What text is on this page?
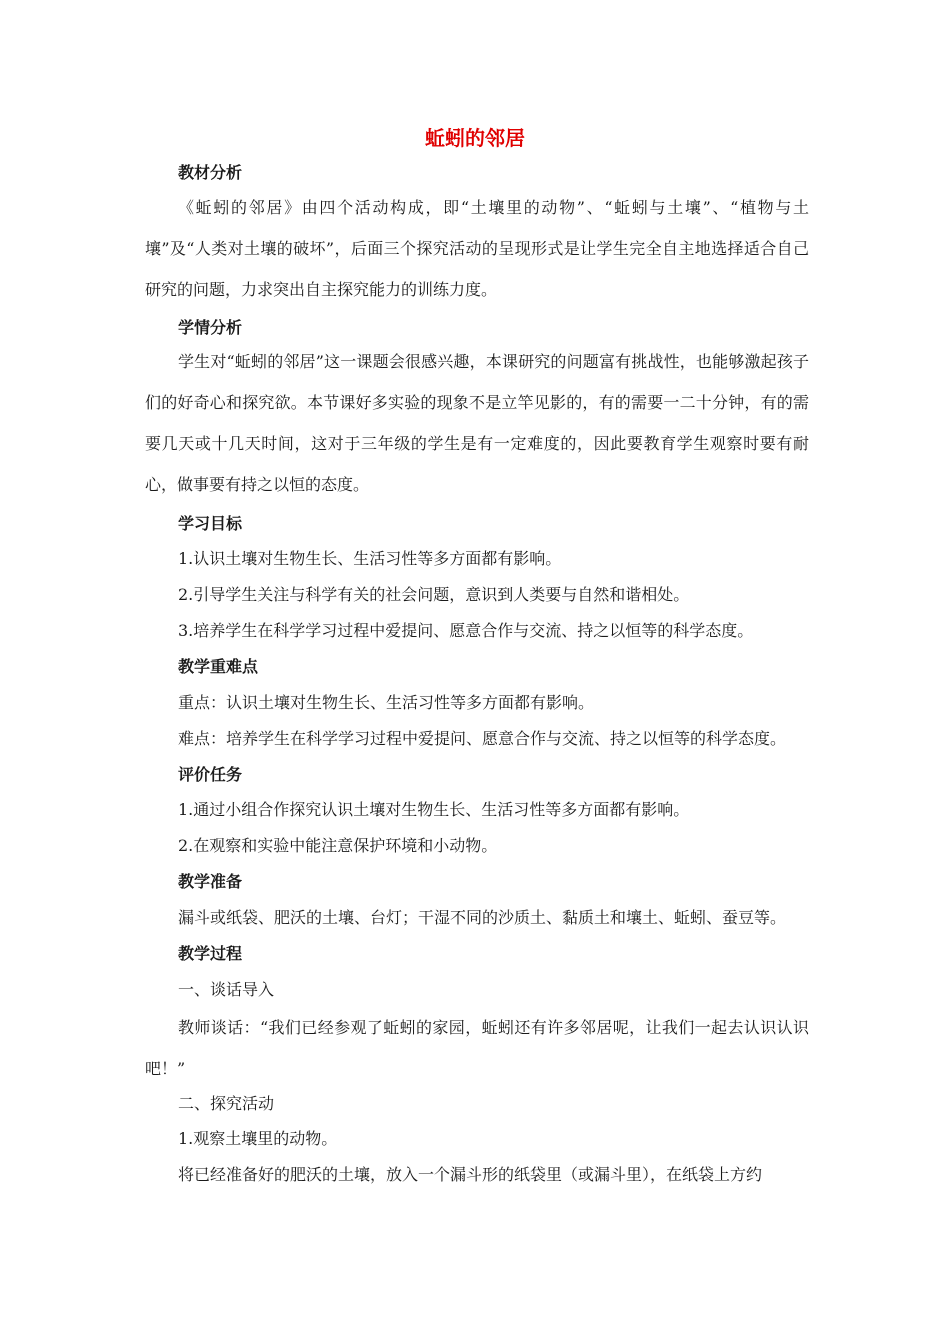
蚯蚓的邻居
教材分析
《蚯蚓的邻居》由四个活动构成，即“土壤里的动物”、“蚯蚓与土壤”、“植物与土壤”及“人类对土壤的破坏”，后面三个探究活动的呈现形式是让学生完全自主地选择适合自己研究的问题，力求突出自主探究能力的训练力度。
学情分析
学生对“蚯蚓的邻居”这一课题会很感兴趣，本课研究的问题富有挑战性，也能够激起孩子们的好奇心和探究欲。本节课好多实验的现象不是立竿见影的，有的需要一二十分钟，有的需要几天或十几天时间，这对于三年级的学生是有一定难度的，因此要教育学生观察时要有耐心，做事要有持之以恒的态度。
学习目标
1.认识土壤对生物生长、生活习性等多方面都有影响。
2.引导学生关注与科学有关的社会问题，意识到人类要与自然和谐相处。
3.培养学生在科学学习过程中爱提问、愿意合作与交流、持之以恒等的科学态度。
教学重难点
重点：认识土壤对生物生长、生活习性等多方面都有影响。
难点：培养学生在科学学习过程中爱提问、愿意合作与交流、持之以恒等的科学态度。
评价任务
1.通过小组合作探究认识土壤对生物生长、生活习性等多方面都有影响。
2.在观察和实验中能注意保护环境和小动物。
教学准备
漏斗或纸袋、肥沃的土壤、台灯；干湿不同的沙质土、黏质土和壤土、蚯蚓、蚕豆等。
教学过程
一、谈话导入
教师谈话：“我们已经参观了蚯蚓的家园，蚯蚓还有许多邻居呢，让我们一起去认识认识吧！”
二、探究活动
1.观察土壤里的动物。
将已经准备好的肥沃的土壤，放入一个漏斗形的纸袋里（或漏斗里），在纸袋上方约
